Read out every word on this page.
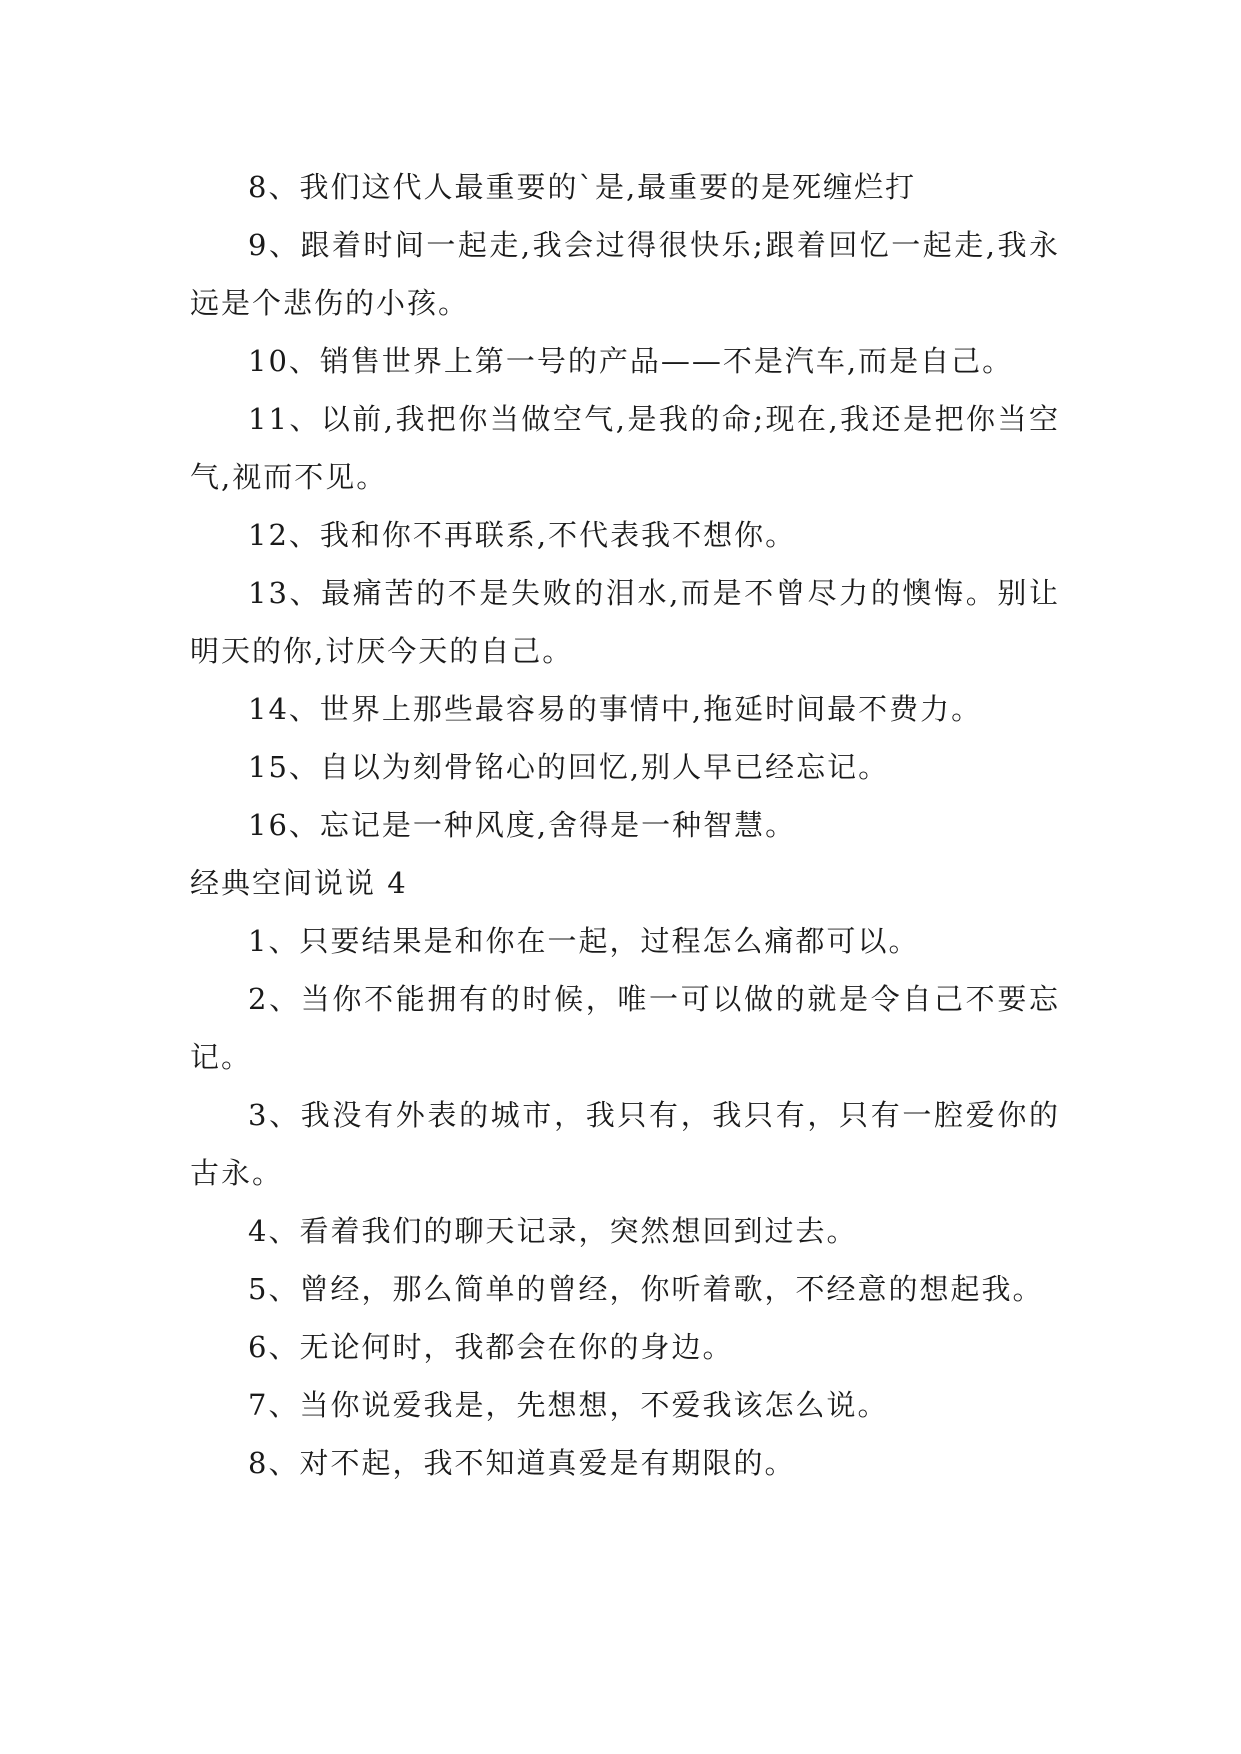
8、我们这代人最重要的`是,最重要的是死缠烂打

9、跟着时间一起走,我会过得很快乐;跟着回忆一起走,我永远是个悲伤的小孩。

10、销售世界上第一号的产品——不是汽车,而是自己。

11、以前,我把你当做空气,是我的命;现在,我还是把你当空气,视而不见。

12、我和你不再联系,不代表我不想你。

13、最痛苦的不是失败的泪水,而是不曾尽力的懊悔。别让明天的你,讨厌今天的自己。

14、世界上那些最容易的事情中,拖延时间最不费力。

15、自以为刻骨铭心的回忆,别人早已经忘记。

16、忘记是一种风度,舍得是一种智慧。

经典空间说说 4

1、只要结果是和你在一起，过程怎么痛都可以。

2、当你不能拥有的时候，唯一可以做的就是令自己不要忘记。

3、我没有外表的城市，我只有，我只有，只有一腔爱你的古永。

4、看着我们的聊天记录，突然想回到过去。

5、曾经，那么简单的曾经，你听着歌，不经意的想起我。

6、无论何时，我都会在你的身边。

7、当你说爱我是，先想想，不爱我该怎么说。

8、对不起，我不知道真爱是有期限的。
